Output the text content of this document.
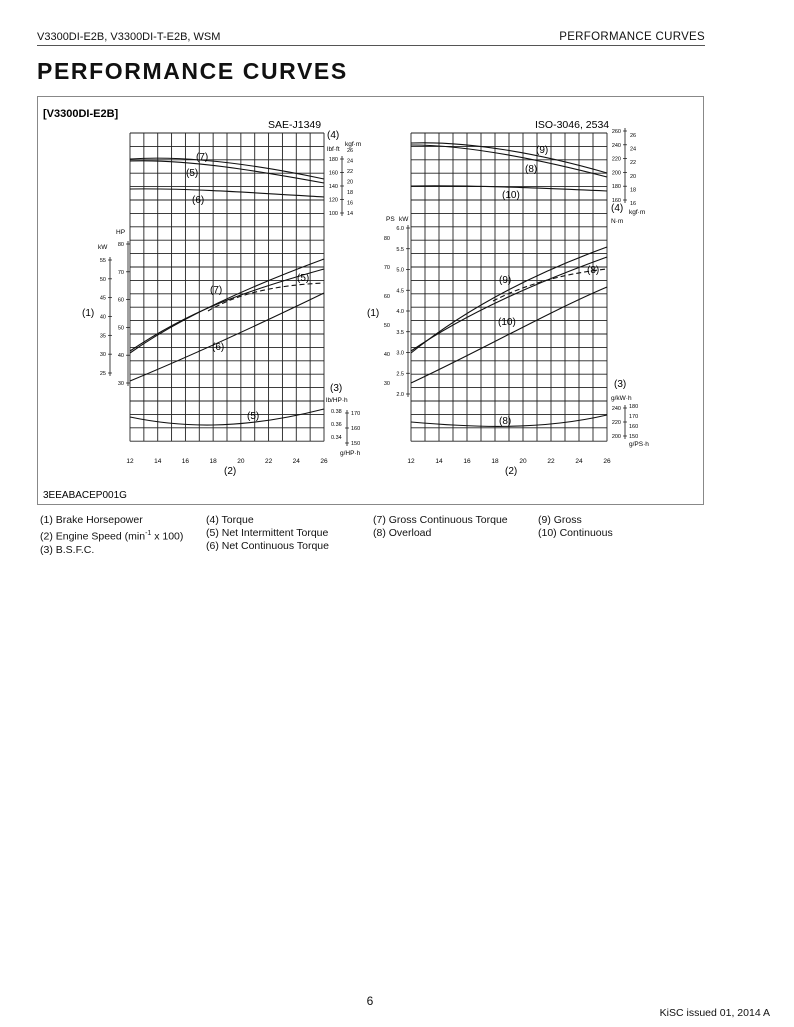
V3300DI-E2B, V3300DI-T-E2B, WSM	PERFORMANCE CURVES
PERFORMANCE CURVES
[V3300DI-E2B]
3EEABACEP001G
SAE-J1349
12	14	16	18	20	22	24	26
(2)
(4)
lbf·ft
kgf·m
180
160
140
120
100
26
24
22
20
18
16
14
(1)
HP
kW 80
70
60
50
40
30
55
50
45
40
35
30
25
(3)
lb/HP·h
g/HP·h
0.38
0.36
0.34
170
160
150
(7)
(5)
(6)
(5)
(7)
(6)
(5)
ISO-3046, 2534
12	14	16	18	20	22	24	26
(2)
(4)
N·m
kgf·m
260
240
220
200
180
160
26
24
22
20
18
16
(1)
PS kW
80
70
60
50
40
30
6.0
5.5
5.0
4.5
4.0
3.5
3.0
2.5
2.0
(3)
g/kW·h
g/PS·h
240
220
200
180
170
160
150
(9)
(8)
(10)
(8)
(9)
(10)
(8)
(1) Brake Horsepower
(2) Engine Speed ($\min^{-1}$ x 100)
(3) B.S.F.C.
(4) Torque
(5) Net Intermittent Torque
(6) Net Continuous Torque
(7) Gross Continuous Torque
(8) Overload
(9) Gross
(10) Continuous
6
KiSC issued 01, 2014 A
